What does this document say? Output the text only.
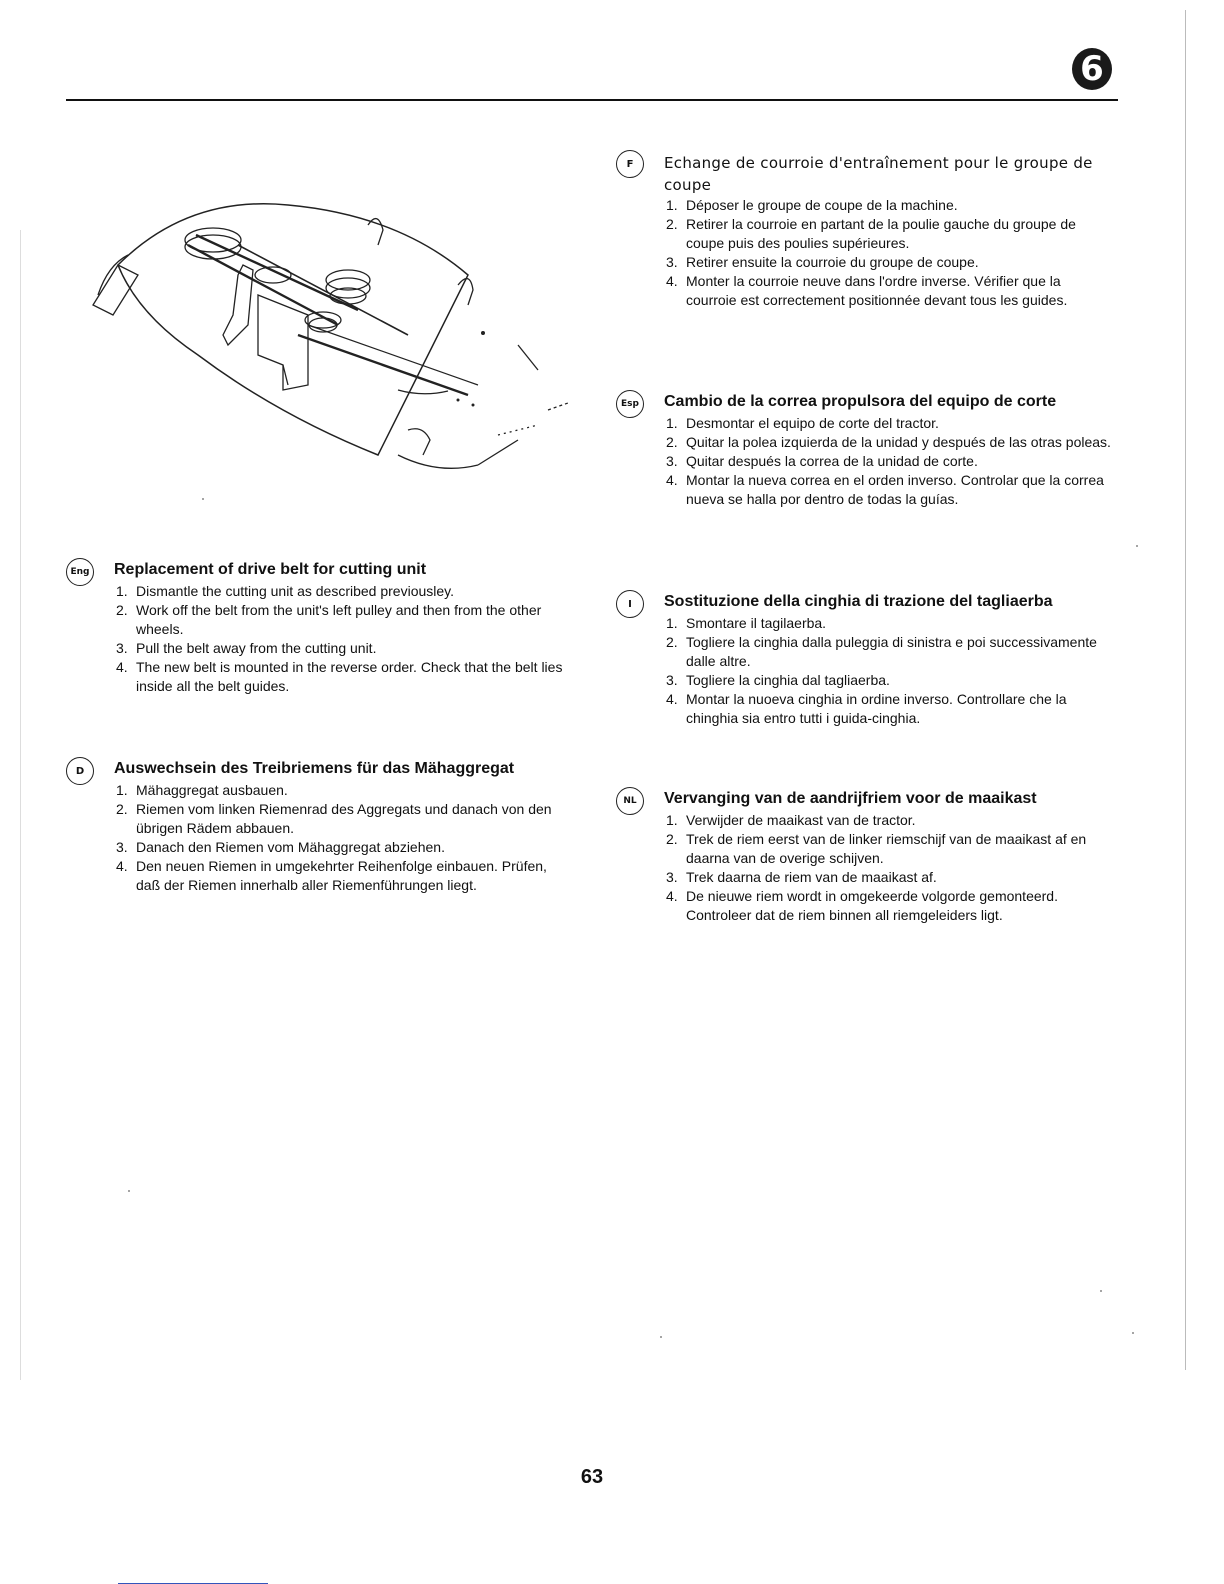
6
F	Echange de courroie d'entraînement pour le groupe de coupe
1. Déposer le groupe de coupe de la machine.
2. Retirer la courroie en partant de la poulie gauche du groupe de coupe puis des poulies supérieures.
3. Retirer ensuite la courroie du groupe de coupe.
4. Monter la courroie neuve dans l'ordre inverse. Vérifier que la courroie est correctement positionnée devant tous les guides.
Esp	Cambio de la correa propulsora del equipo de corte
1. Desmontar el equipo de corte del tractor.
2. Quitar la polea izquierda de la unidad y después de las otras poleas.
3. Quitar después la correa de la unidad de corte.
4. Montar la nueva correa en el orden inverso. Controlar que la correa nueva se halla por dentro de todas la guías.
Eng Replacement of drive belt for cutting unit
1. Dismantle the cutting unit as described previousley.
2. Work off the belt from the unit's left pulley and then from the other wheels.
3. Pull the belt away from the cutting unit.
4. The new belt is mounted in the reverse order. Check that the belt lies inside all the belt guides.
I	Sostituzione della cinghia di trazione del tagliaerba
1. Smontare il tagilaerba.
2. Togliere la cinghia dalla puleggia di sinistra e poi successivamente dalle altre.
3. Togliere la cinghia dal tagliaerba.
4. Montar la nuoeva cinghia in ordine inverso. Controllare che la chinghia sia entro tutti i guida-cinghia.
D	Auswechsein des Treibriemens für das Mähaggregat
1. Mähaggregat ausbauen.
2. Riemen vom linken Riemenrad des Aggregats und danach von den übrigen Rädem abbauen.
3. Danach den Riemen vom Mähaggregat abziehen.
4. Den neuen Riemen in umgekehrter Reihenfolge einbauen. Prüfen, daß der Riemen innerhalb aller Riemenführungen liegt.
NL	Vervanging van de aandrijfriem voor de maaikast
1. Verwijder de maaikast van de tractor.
2. Trek de riem eerst van de linker riemschijf van de maaikast af en daarna van de overige schijven.
3. Trek daarna de riem van de maaikast af.
4. De nieuwe riem wordt in omgekeerde volgorde gemonteerd. Controleer dat de riem binnen all riemgeleiders ligt.
63
